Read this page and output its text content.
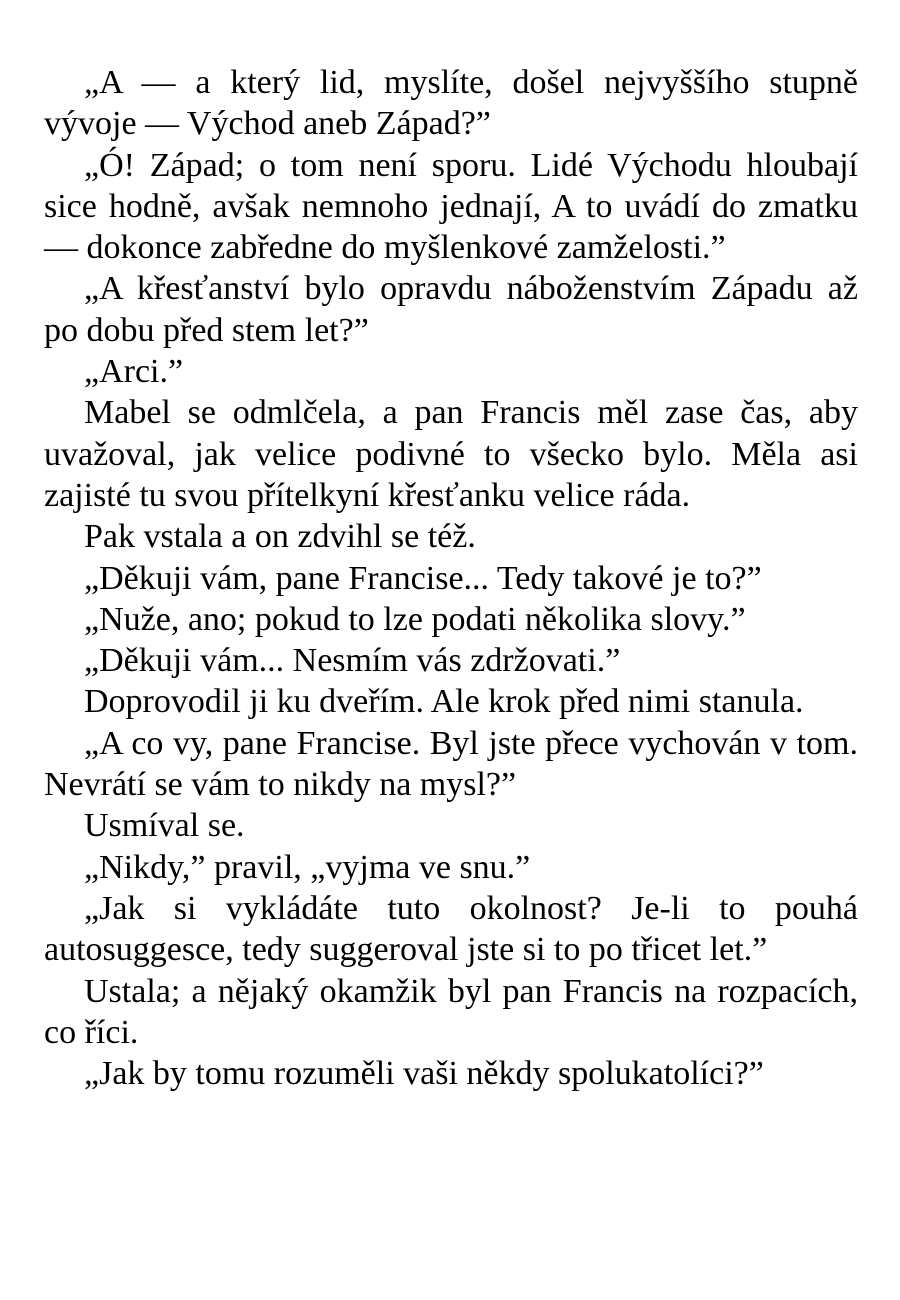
„A — a který lid, myslíte, došel nejvyššího stupně vývoje — Východ aneb Západ?”

„Ó! Západ; o tom není sporu. Lidé Východu hloubají sice hodně, avšak nemnoho jednají, A to uvádí do zmatku — dokonce zabředne do myšlenkové zamželosti.”

„A křesťanství bylo opravdu náboženstvím Západu až po dobu před stem let?”

„Arci.”

Mabel se odmlčela, a pan Francis měl zase čas, aby uvažoval, jak velice podivné to všecko bylo. Měla asi zajisté tu svou přítelkyní křesťanku velice ráda.

Pak vstala a on zdvihl se též.

„Děkuji vám, pane Francise... Tedy takové je to?”

„Nuže, ano; pokud to lze podati několika slovy.”

„Děkuji vám... Nesmím vás zdržovati.”

Doprovodil ji ku dveřím. Ale krok před nimi stanula.

„A co vy, pane Francise. Byl jste přece vychován v tom. Nevrátí se vám to nikdy na mysl?”

Usmíval se.

„Nikdy,” pravil, „vyjma ve snu.”

„Jak si vykládáte tuto okolnost? Je-li to pouhá autosuggesce, tedy suggeroval jste si to po třicet let.”

Ustala; a nějaký okamžik byl pan Francis na rozpacích, co říci.

„Jak by tomu rozuměli vaši někdy spolukatolíci?”
